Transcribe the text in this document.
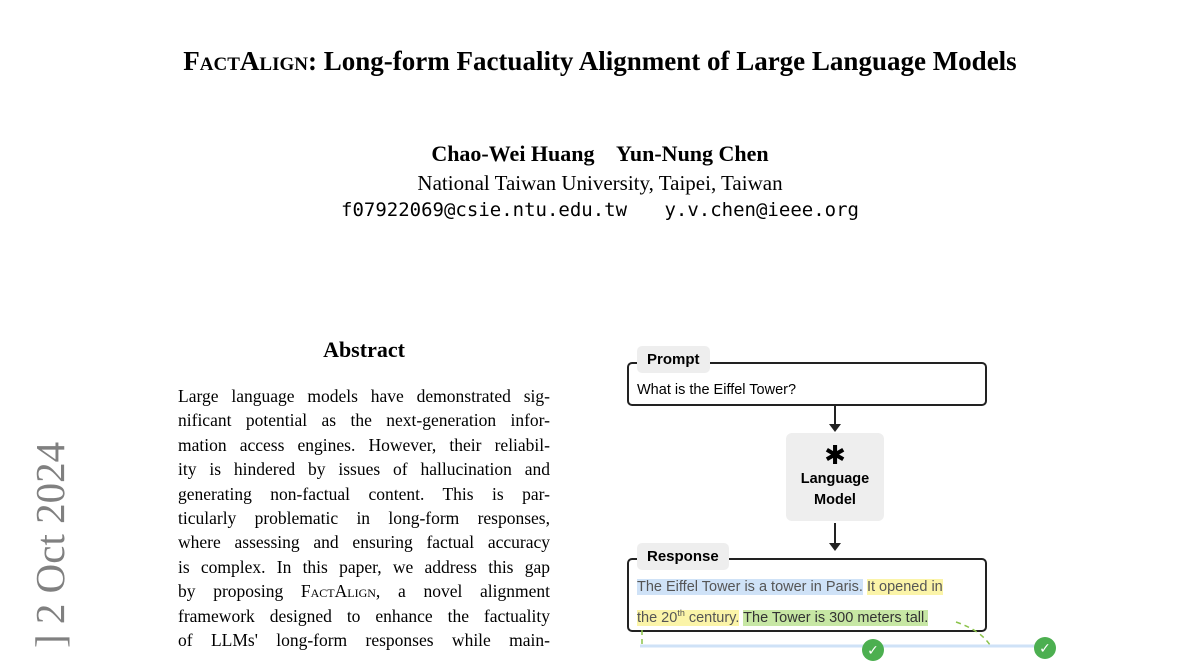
FactAlign: Long-form Factuality Alignment of Large Language Models
Chao-Wei Huang Yun-Nung Chen
National Taiwan University, Taipei, Taiwan
f07922069@csie.ntu.edu.tw y.v.chen@ieee.org
] 2 Oct 2024
Abstract
Large language models have demonstrated sig-
nificant potential as the next-generation infor-
mation access engines. However, their reliabil-
ity is hindered by issues of hallucination and
generating non-factual content. This is par-
ticularly problematic in long-form responses,
where assessing and ensuring factual accuracy
is complex. In this paper, we address this gap
by proposing FactAlign, a novel alignment
framework designed to enhance the factuality
of LLMs' long-form responses while main-
What is the Eiffel Tower?
Prompt
✱
Language
Model
The Eiffel Tower is a tower in Paris. It opened in
the 20th century. The Tower is 300 meters tall.
Response
✓	✓
